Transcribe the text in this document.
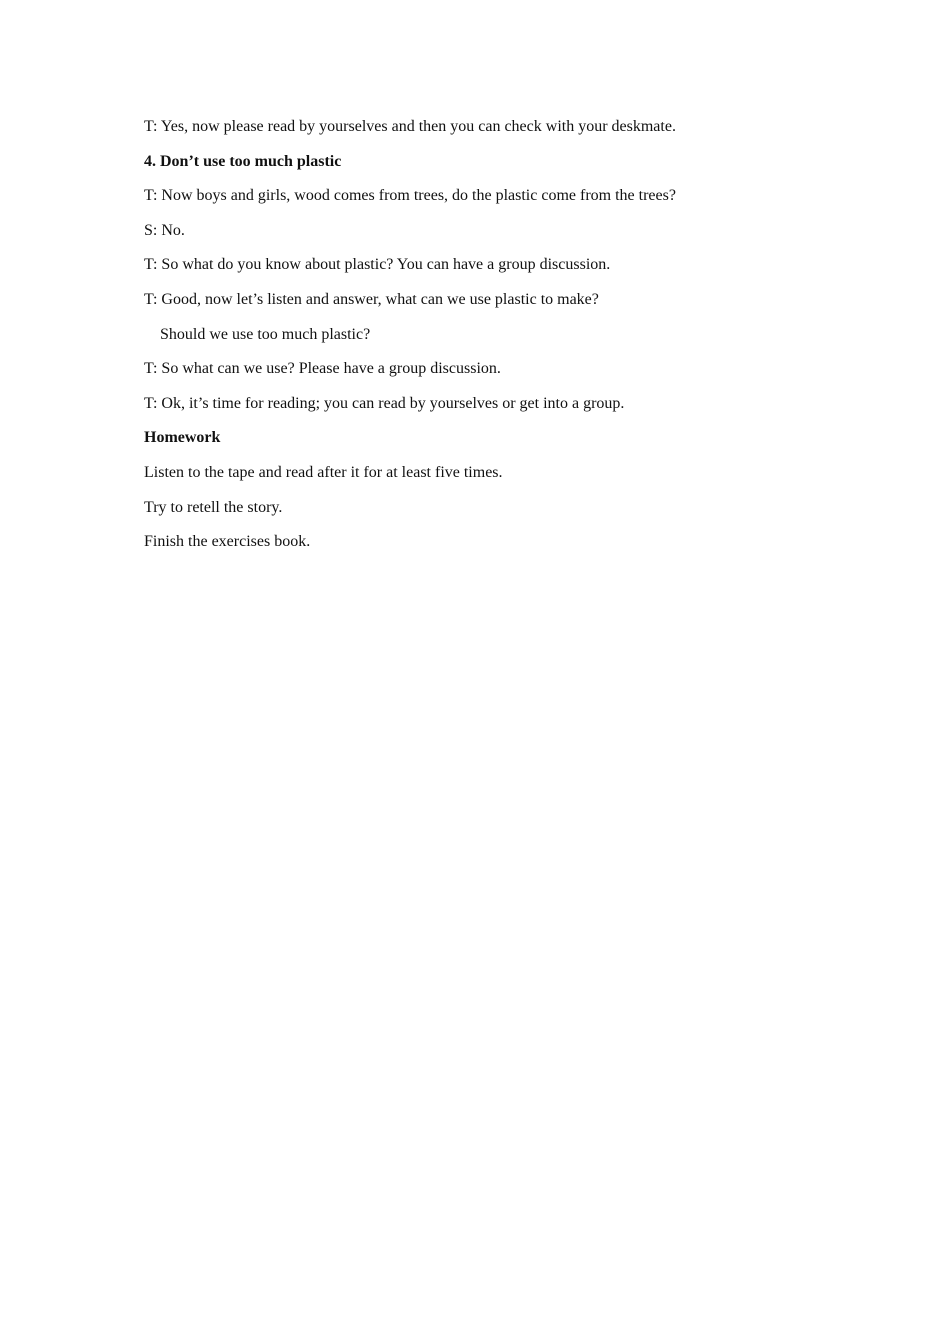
T: Yes, now please read by yourselves and then you can check with your deskmate.
4. Don’t use too much plastic
T: Now boys and girls, wood comes from trees, do the plastic come from the trees?
S: No.
T: So what do you know about plastic? You can have a group discussion.
T: Good, now let’s listen and answer, what can we use plastic to make?
Should we use too much plastic?
T: So what can we use? Please have a group discussion.
T: Ok, it’s time for reading; you can read by yourselves or get into a group.
Homework
Listen to the tape and read after it for at least five times.
Try to retell the story.
Finish the exercises book.
